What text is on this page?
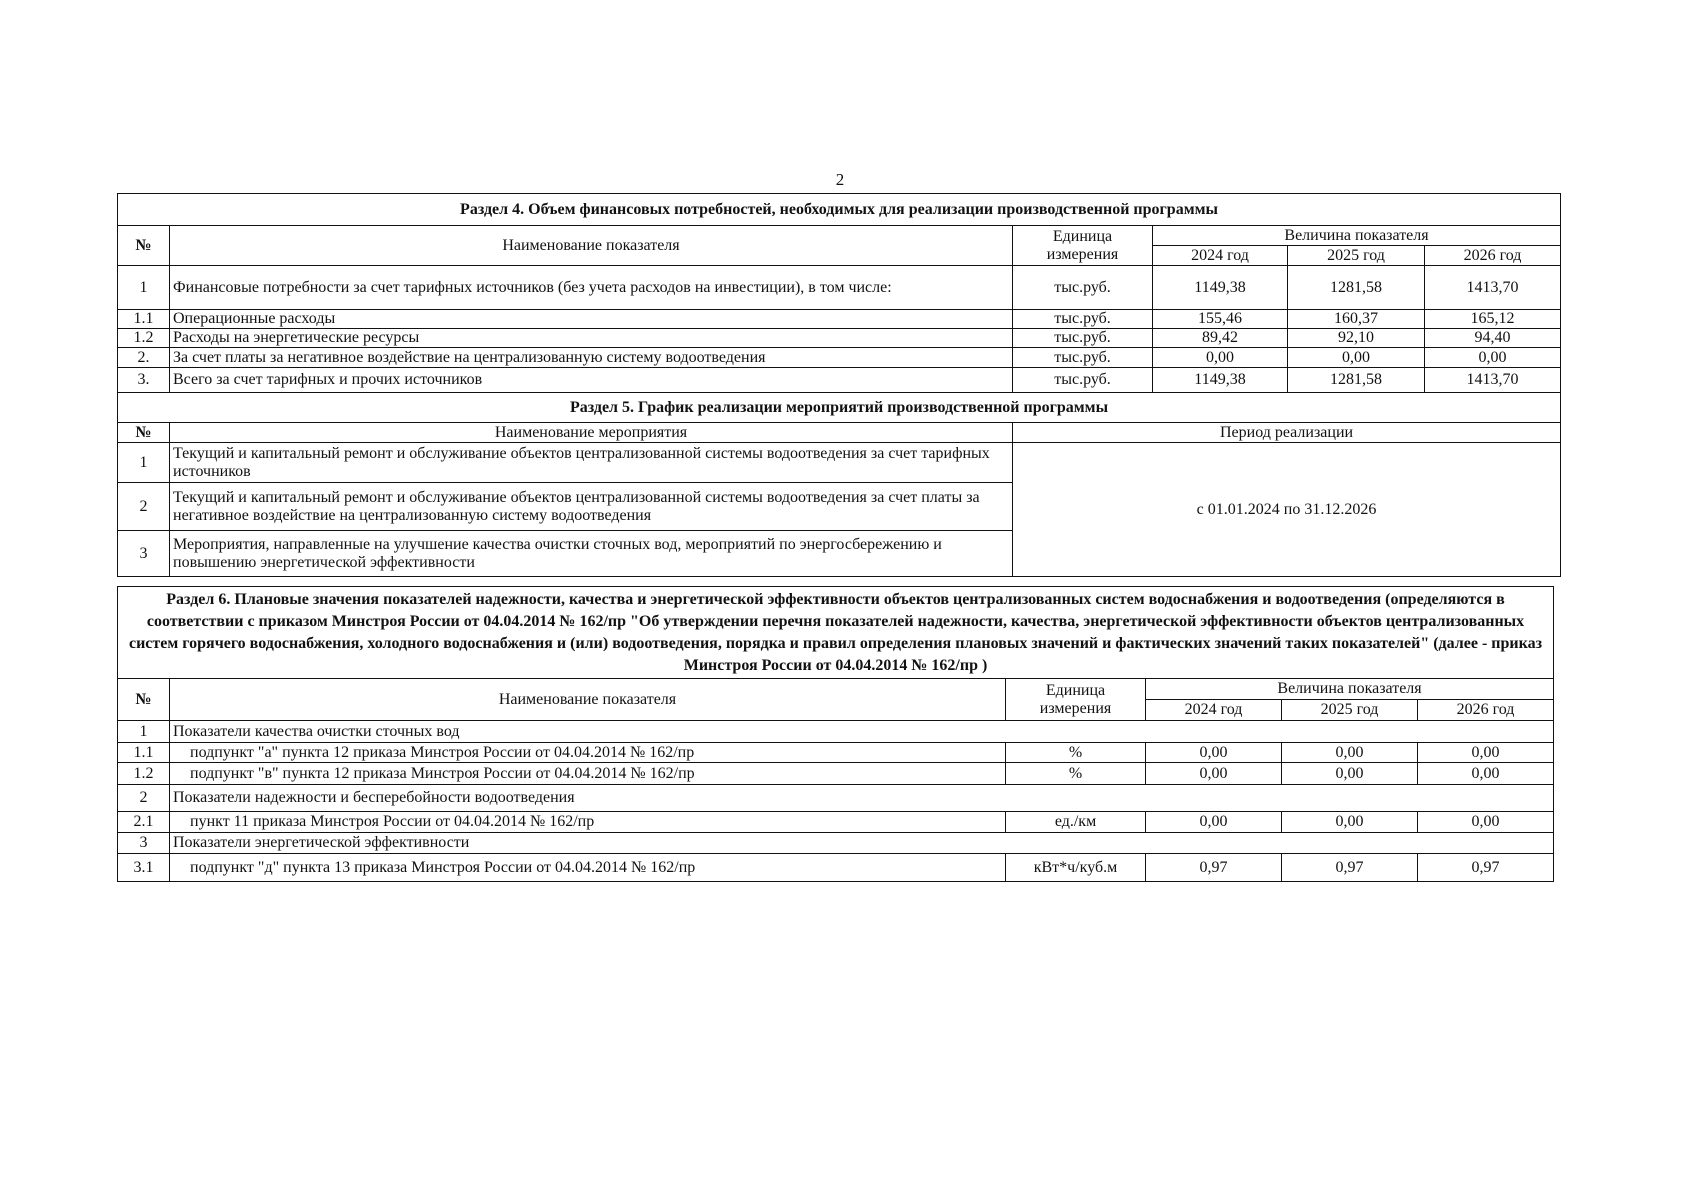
2
Раздел 4. Объем финансовых потребностей, необходимых для реализации производственной программы					
№	Наименование показателя	Единица измерения	Величина показателя		
			2024 год	2025 год	2026 год
1	Финансовые потребности за счет тарифных источников (без учета расходов на инвестиции), в том числе:	тыс.руб.	1149,38	1281,58	1413,70
1.1	Операционные расходы	тыс.руб.	155,46	160,37	165,12
1.2	Расходы на энергетические ресурсы	тыс.руб.	89,42	92,10	94,40
2.	За счет платы за негативное воздействие на централизованную систему водоотведения	тыс.руб.	0,00	0,00	0,00
3.	Всего за счет тарифных и прочих источников	тыс.руб.	1149,38	1281,58	1413,70
Раздел 5. График реализации мероприятий производственной программы					
№	Наименование мероприятия	Период реализации			
1	Текущий и капитальный ремонт и обслуживание объектов централизованной системы водоотведения за счет тарифных источников	с 01.01.2024 по 31.12.2026			
2	Текущий и капитальный ремонт и обслуживание объектов централизованной системы водоотведения за счет платы за негативное воздействие на централизованную систему водоотведения				
3	Мероприятия, направленные на улучшение качества очистки сточных вод, мероприятий по энергосбережению и повышению энергетической эффективности				
Раздел 6. Плановые значения показателей надежности, качества и энергетической эффективности объектов централизованных систем водоснабжения и водоотведения (определяются в соответствии с приказом Минстроя России от 04.04.2014 № 162/пр "Об утверждении перечня показателей надежности, качества, энергетической эффективности объектов централизованных систем горячего водоснабжения, холодного водоснабжения и (или) водоотведения, порядка и правил определения плановых значений и фактических значений таких показателей" (далее - приказ Минстроя России от 04.04.2014 № 162/пр )					
№	Наименование показателя	Единица измерения	Величина показателя		
			2024 год	2025 год	2026 год
1	Показатели качества очистки сточных вод				
1.1	подпункт "а" пункта 12 приказа Минстроя России от 04.04.2014 № 162/пр	%	0,00	0,00	0,00
1.2	подпункт "в" пункта 12 приказа Минстроя России от 04.04.2014 № 162/пр	%	0,00	0,00	0,00
2	Показатели надежности и бесперебойности водоотведения				
2.1	пункт 11 приказа Минстроя России от 04.04.2014 № 162/пр	ед./км	0,00	0,00	0,00
3	Показатели энергетической эффективности				
3.1	подпункт "д" пункта 13 приказа Минстроя России от 04.04.2014 № 162/пр	кВт*ч/куб.м	0,97	0,97	0,97
